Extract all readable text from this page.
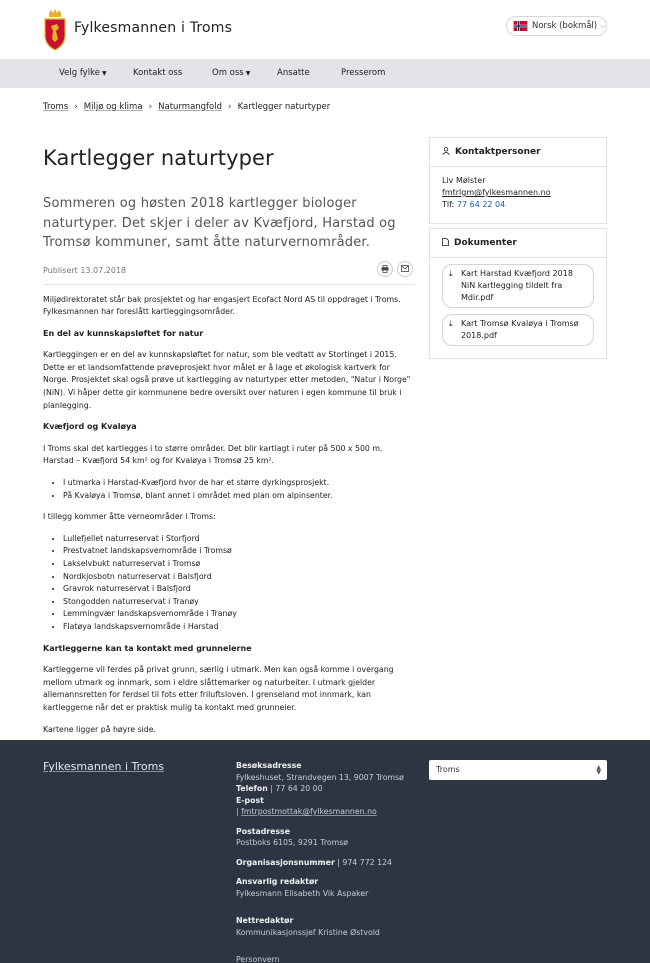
Fylkesmannen i Troms	Norsk (bokmål) ⌵
Velg fylke ▼	Kontakt oss	Om oss ▼	Ansatte	Presserom
Troms › Miljø og klima › Naturmangfold › Kartlegger naturtyper
Kartlegger naturtyper

Sommeren og høsten 2018 kartlegger biologer naturtyper. Det skjer i deler av Kvæfjord, Harstad og Tromsø kommuner, samt åtte naturvernområder.

Publisert 13.07.2018

Miljødirektoratet står bak prosjektet og har engasjert Ecofact Nord AS til oppdraget i Troms. Fylkesmannen har foreslått kartleggingsområder.

En del av kunnskapsløftet for natur

Kartleggingen er en del av kunnskapsløftet for natur, som ble vedtatt av Stortinget i 2015. Dette er et landsomfattende prøveprosjekt hvor målet er å lage et økologisk kartverk for Norge. Prosjektet skal også prøve ut kartlegging av naturtyper etter metoden, "Natur i Norge" (NiN). Vi håper dette gir kommunene bedre oversikt over naturen i egen kommune til bruk i planlegging.

Kvæfjord og Kvaløya

I Troms skal det kartlegges i to større områder. Det blir kartlagt i ruter på 500 x 500 m. Harstad – Kvæfjord 54 km² og for Kvaløya i Tromsø 25 km².

• I utmarka i Harstad-Kvæfjord hvor de har et større dyrkingsprosjekt.
• På Kvaløya i Tromsø, blant annet i området med plan om alpinsenter.

I tillegg kommer åtte verneområder i Troms:

• Lullefjellet naturreservat i Storfjord
• Prestvatnet landskapsvernområde i Tromsø
• Lakselvbukt naturreservat i Tromsø
• Nordkjosbotn naturreservat i Balsfjord
• Gravrok naturreservat i Balsfjord
• Stongodden naturreservat i Tranøy
• Lemmingvær landskapsvernområde i Tranøy
• Flatøya landskapsvernområde i Harstad
Kartleggerne kan ta kontakt med grunneierne

Kartleggerne vil ferdes på privat grunn, særlig i utmark. Men kan også komme i overgang mellom utmark og innmark, som i eldre slåttemarker og naturbeiter. I utmark gjelder allemannsretten for ferdsel til fots etter friluftsloven. I grenseland mot innmark, kan kartleggerne når det er praktisk mulig ta kontakt med grunneier.

Kartene ligger på høyre side.

Kontaktpersoner
Liv Mølster
fmtrlgm@fylkesmannen.no
Tlf: 77 64 22 04
Dokumenter
⤓ Kart Harstad Kvæfjord 2018 NiN kartlegging tildelt fra Mdir.pdf
⤓ Kart Tromsø Kvaløya i Tromsø 2018.pdf
Fylkesmannen i Troms	Besøksadresse
Fylkeshuset, Strandvegen 13, 9007 Tromsø
Telefon | 77 64 20 00
E-post
| fmtrpostmottak@fylkesmannen.no
Postadresse
Postboks 6105, 9291 Tromsø
Organisasjonsnummer | 974 772 124
Ansvarlig redaktør
Fylkesmann Elisabeth Vik Aspaker
Nettredaktør
Kommunikasjonssjef Kristine Østvold
Personvern
Troms	▲
▼
